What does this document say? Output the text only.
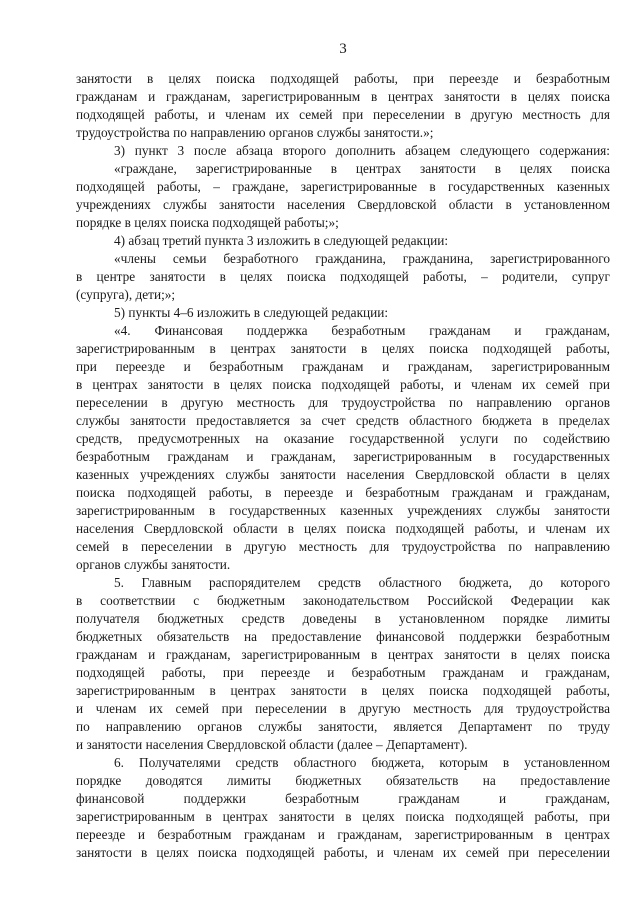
3
занятости в целях поиска подходящей работы, при переезде и безработным
гражданам и гражданам, зарегистрированным в центрах занятости в целях поиска
подходящей работы, и членам их семей при переселении в другую местность для
трудоустройства по направлению органов службы занятости.»;
3) пункт 3 после абзаца второго дополнить абзацем следующего содержания:
«граждане, зарегистрированные в центрах занятости в целях поиска
подходящей работы, – граждане, зарегистрированные в государственных казенных
учреждениях службы занятости населения Свердловской области в установленном
порядке в целях поиска подходящей работы;»;
4) абзац третий пункта 3 изложить в следующей редакции:
«члены семьи безработного гражданина, гражданина, зарегистрированного
в центре занятости в целях поиска подходящей работы, – родители, супруг
(супруга), дети;»;
5) пункты 4–6 изложить в следующей редакции:
«4. Финансовая поддержка безработным гражданам и гражданам,
зарегистрированным в центрах занятости в целях поиска подходящей работы,
при переезде и безработным гражданам и гражданам, зарегистрированным
в центрах занятости в целях поиска подходящей работы, и членам их семей при
переселении в другую местность для трудоустройства по направлению органов
службы занятости предоставляется за счет средств областного бюджета в пределах
средств, предусмотренных на оказание государственной услуги по содействию
безработным гражданам и гражданам, зарегистрированным в государственных
казенных учреждениях службы занятости населения Свердловской области в целях
поиска подходящей работы, в переезде и безработным гражданам и гражданам,
зарегистрированным в государственных казенных учреждениях службы занятости
населения Свердловской области в целях поиска подходящей работы, и членам их
семей в переселении в другую местность для трудоустройства по направлению
органов службы занятости.
5. Главным распорядителем средств областного бюджета, до которого
в соответствии с бюджетным законодательством Российской Федерации как
получателя бюджетных средств доведены в установленном порядке лимиты
бюджетных обязательств на предоставление финансовой поддержки безработным
гражданам и гражданам, зарегистрированным в центрах занятости в целях поиска
подходящей работы, при переезде и безработным гражданам и гражданам,
зарегистрированным в центрах занятости в целях поиска подходящей работы,
и членам их семей при переселении в другую местность для трудоустройства
по направлению органов службы занятости, является Департамент по труду
и занятости населения Свердловской области (далее – Департамент).
6. Получателями средств областного бюджета, которым в установленном
порядке доводятся лимиты бюджетных обязательств на предоставление
финансовой поддержки безработным гражданам и гражданам,
зарегистрированным в центрах занятости в целях поиска подходящей работы, при
переезде и безработным гражданам и гражданам, зарегистрированным в центрах
занятости в целях поиска подходящей работы, и членам их семей при переселении
